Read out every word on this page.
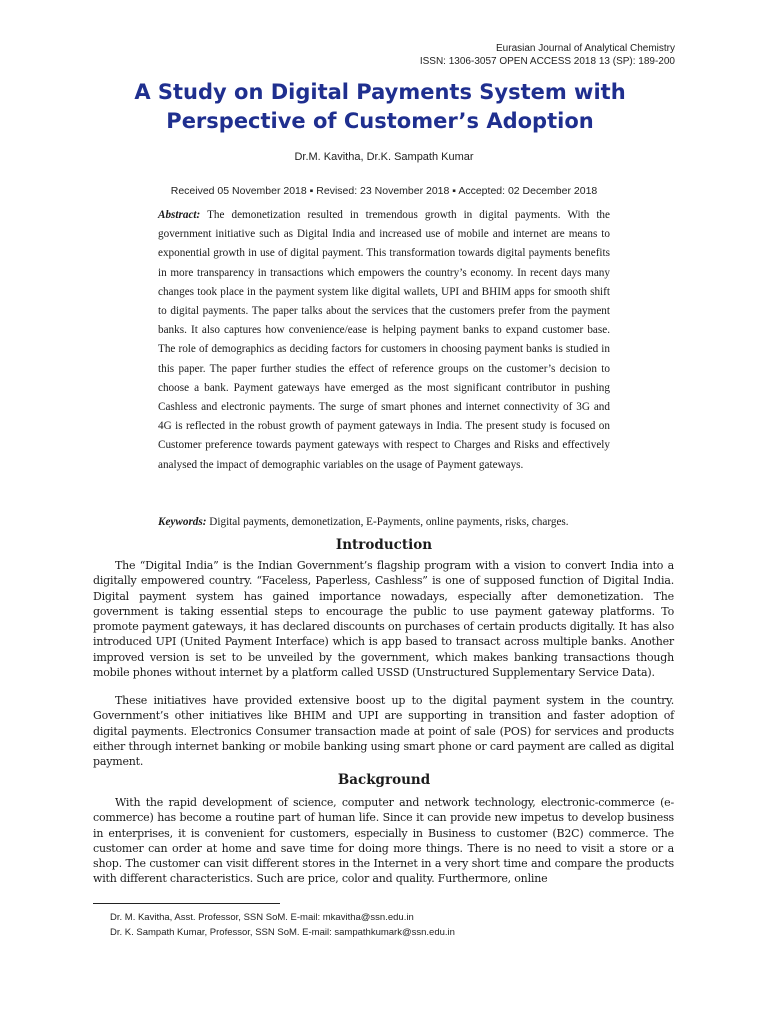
Eurasian Journal of Analytical Chemistry
ISSN: 1306-3057 OPEN ACCESS 2018 13 (SP): 189-200
A Study on Digital Payments System with
Perspective of Customer’s Adoption
Dr.M. Kavitha, Dr.K. Sampath Kumar
Received 05 November 2018 ▪ Revised: 23 November 2018 ▪ Accepted: 02 December 2018
Abstract: The demonetization resulted in tremendous growth in digital payments. With the government initiative such as Digital India and increased use of mobile and internet are means to exponential growth in use of digital payment. This transformation towards digital payments benefits in more transparency in transactions which empowers the country’s economy. In recent days many changes took place in the payment system like digital wallets, UPI and BHIM apps for smooth shift to digital payments. The paper talks about the services that the customers prefer from the payment banks. It also captures how convenience/ease is helping payment banks to expand customer base. The role of demographics as deciding factors for customers in choosing payment banks is studied in this paper. The paper further studies the effect of reference groups on the customer’s decision to choose a bank. Payment gateways have emerged as the most significant contributor in pushing Cashless and electronic payments. The surge of smart phones and internet connectivity of 3G and 4G is reflected in the robust growth of payment gateways in India. The present study is focused on Customer preference towards payment gateways with respect to Charges and Risks and effectively analysed the impact of demographic variables on the usage of Payment gateways.
Keywords: Digital payments, demonetization, E-Payments, online payments, risks, charges.
Introduction

The “Digital India” is the Indian Government’s flagship program with a vision to convert India into a digitally empowered country. “Faceless, Paperless, Cashless” is one of supposed function of Digital India. Digital payment system has gained importance nowadays, especially after demonetization. The government is taking essential steps to encourage the public to use payment gateway platforms. To promote payment gateways, it has declared discounts on purchases of certain products digitally. It has also introduced UPI (United Payment Interface) which is app based to transact across multiple banks. Another improved version is set to be unveiled by the government, which makes banking transactions though mobile phones without internet by a platform called USSD (Unstructured Supplementary Service Data).

These initiatives have provided extensive boost up to the digital payment system in the country. Government’s other initiatives like BHIM and UPI are supporting in transition and faster adoption of digital payments. Electronics Consumer transaction made at point of sale (POS) for services and products either through internet banking or mobile banking using smart phone or card payment are called as digital payment.

Background

With the rapid development of science, computer and network technology, electronic-commerce (e-commerce) has become a routine part of human life. Since it can provide new impetus to develop business in enterprises, it is convenient for customers, especially in Business to customer (B2C) commerce. The customer can order at home and save time for doing more things. There is no need to visit a store or a shop. The customer can visit different stores in the Internet in a very short time and compare the products with different characteristics. Such are price, color and quality. Furthermore, online

Dr. M. Kavitha, Asst. Professor, SSN SoM. E-mail: mkavitha@ssn.edu.in
Dr. K. Sampath Kumar, Professor, SSN SoM. E-mail: sampathkumark@ssn.edu.in
